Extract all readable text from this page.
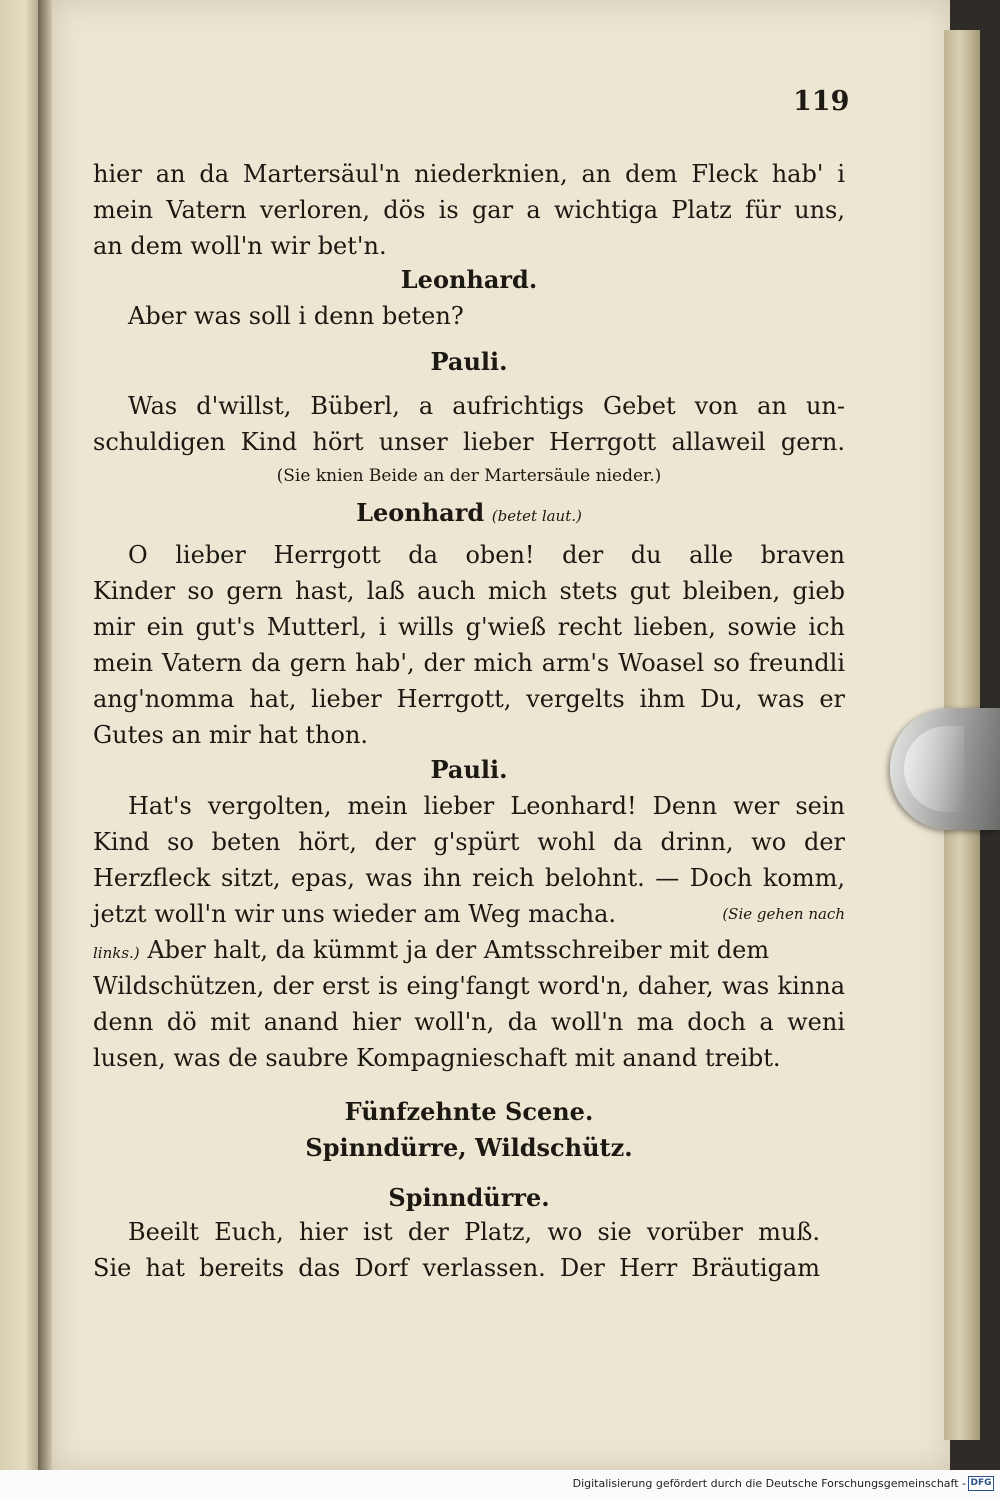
119
hier an da Martersäul'n niederknien, an dem Fleck hab' i
mein Vatern verloren, dös is gar a wichtiga Platz für uns,
an dem woll'n wir bet'n.
Leonhard.
Aber was soll i denn beten?
Pauli.
Was d'willst, Büberl, a aufrichtigs Gebet von an un-
schuldigen Kind hört unser lieber Herrgott allaweil gern.
(Sie knien Beide an der Martersäule nieder.)
Leonhard (betet laut.)
O lieber Herrgott da oben! der du alle braven
Kinder so gern hast, laß auch mich stets gut bleiben, gieb
mir ein gut's Mutterl, i wills g'wieß recht lieben, sowie ich
mein Vatern da gern hab', der mich arm's Woasel so freundli
ang'nomma hat, lieber Herrgott, vergelts ihm Du, was er
Gutes an mir hat thon.
Pauli.
Hat's vergolten, mein lieber Leonhard! Denn wer sein
Kind so beten hört, der g'spürt wohl da drinn, wo der
Herzfleck sitzt, epas, was ihn reich belohnt. — Doch komm,
jetzt woll'n wir uns wieder am Weg macha.	(Sie gehen nach
links.) Aber halt, da kümmt ja der Amtsschreiber mit dem
Wildschützen, der erst is eing'fangt word'n, daher, was kinna
denn dö mit anand hier woll'n, da woll'n ma doch a weni
lusen, was de saubre Kompagnieschaft mit anand treibt.
Fünfzehnte Scene.
Spinndürre, Wildschütz.
Spinndürre.
Beeilt Euch, hier ist der Platz, wo sie vorüber muß.
Sie hat bereits das Dorf verlassen. Der Herr Bräutigam
Digitalisierung gefördert durch die Deutsche Forschungsgemeinschaft - DFG
